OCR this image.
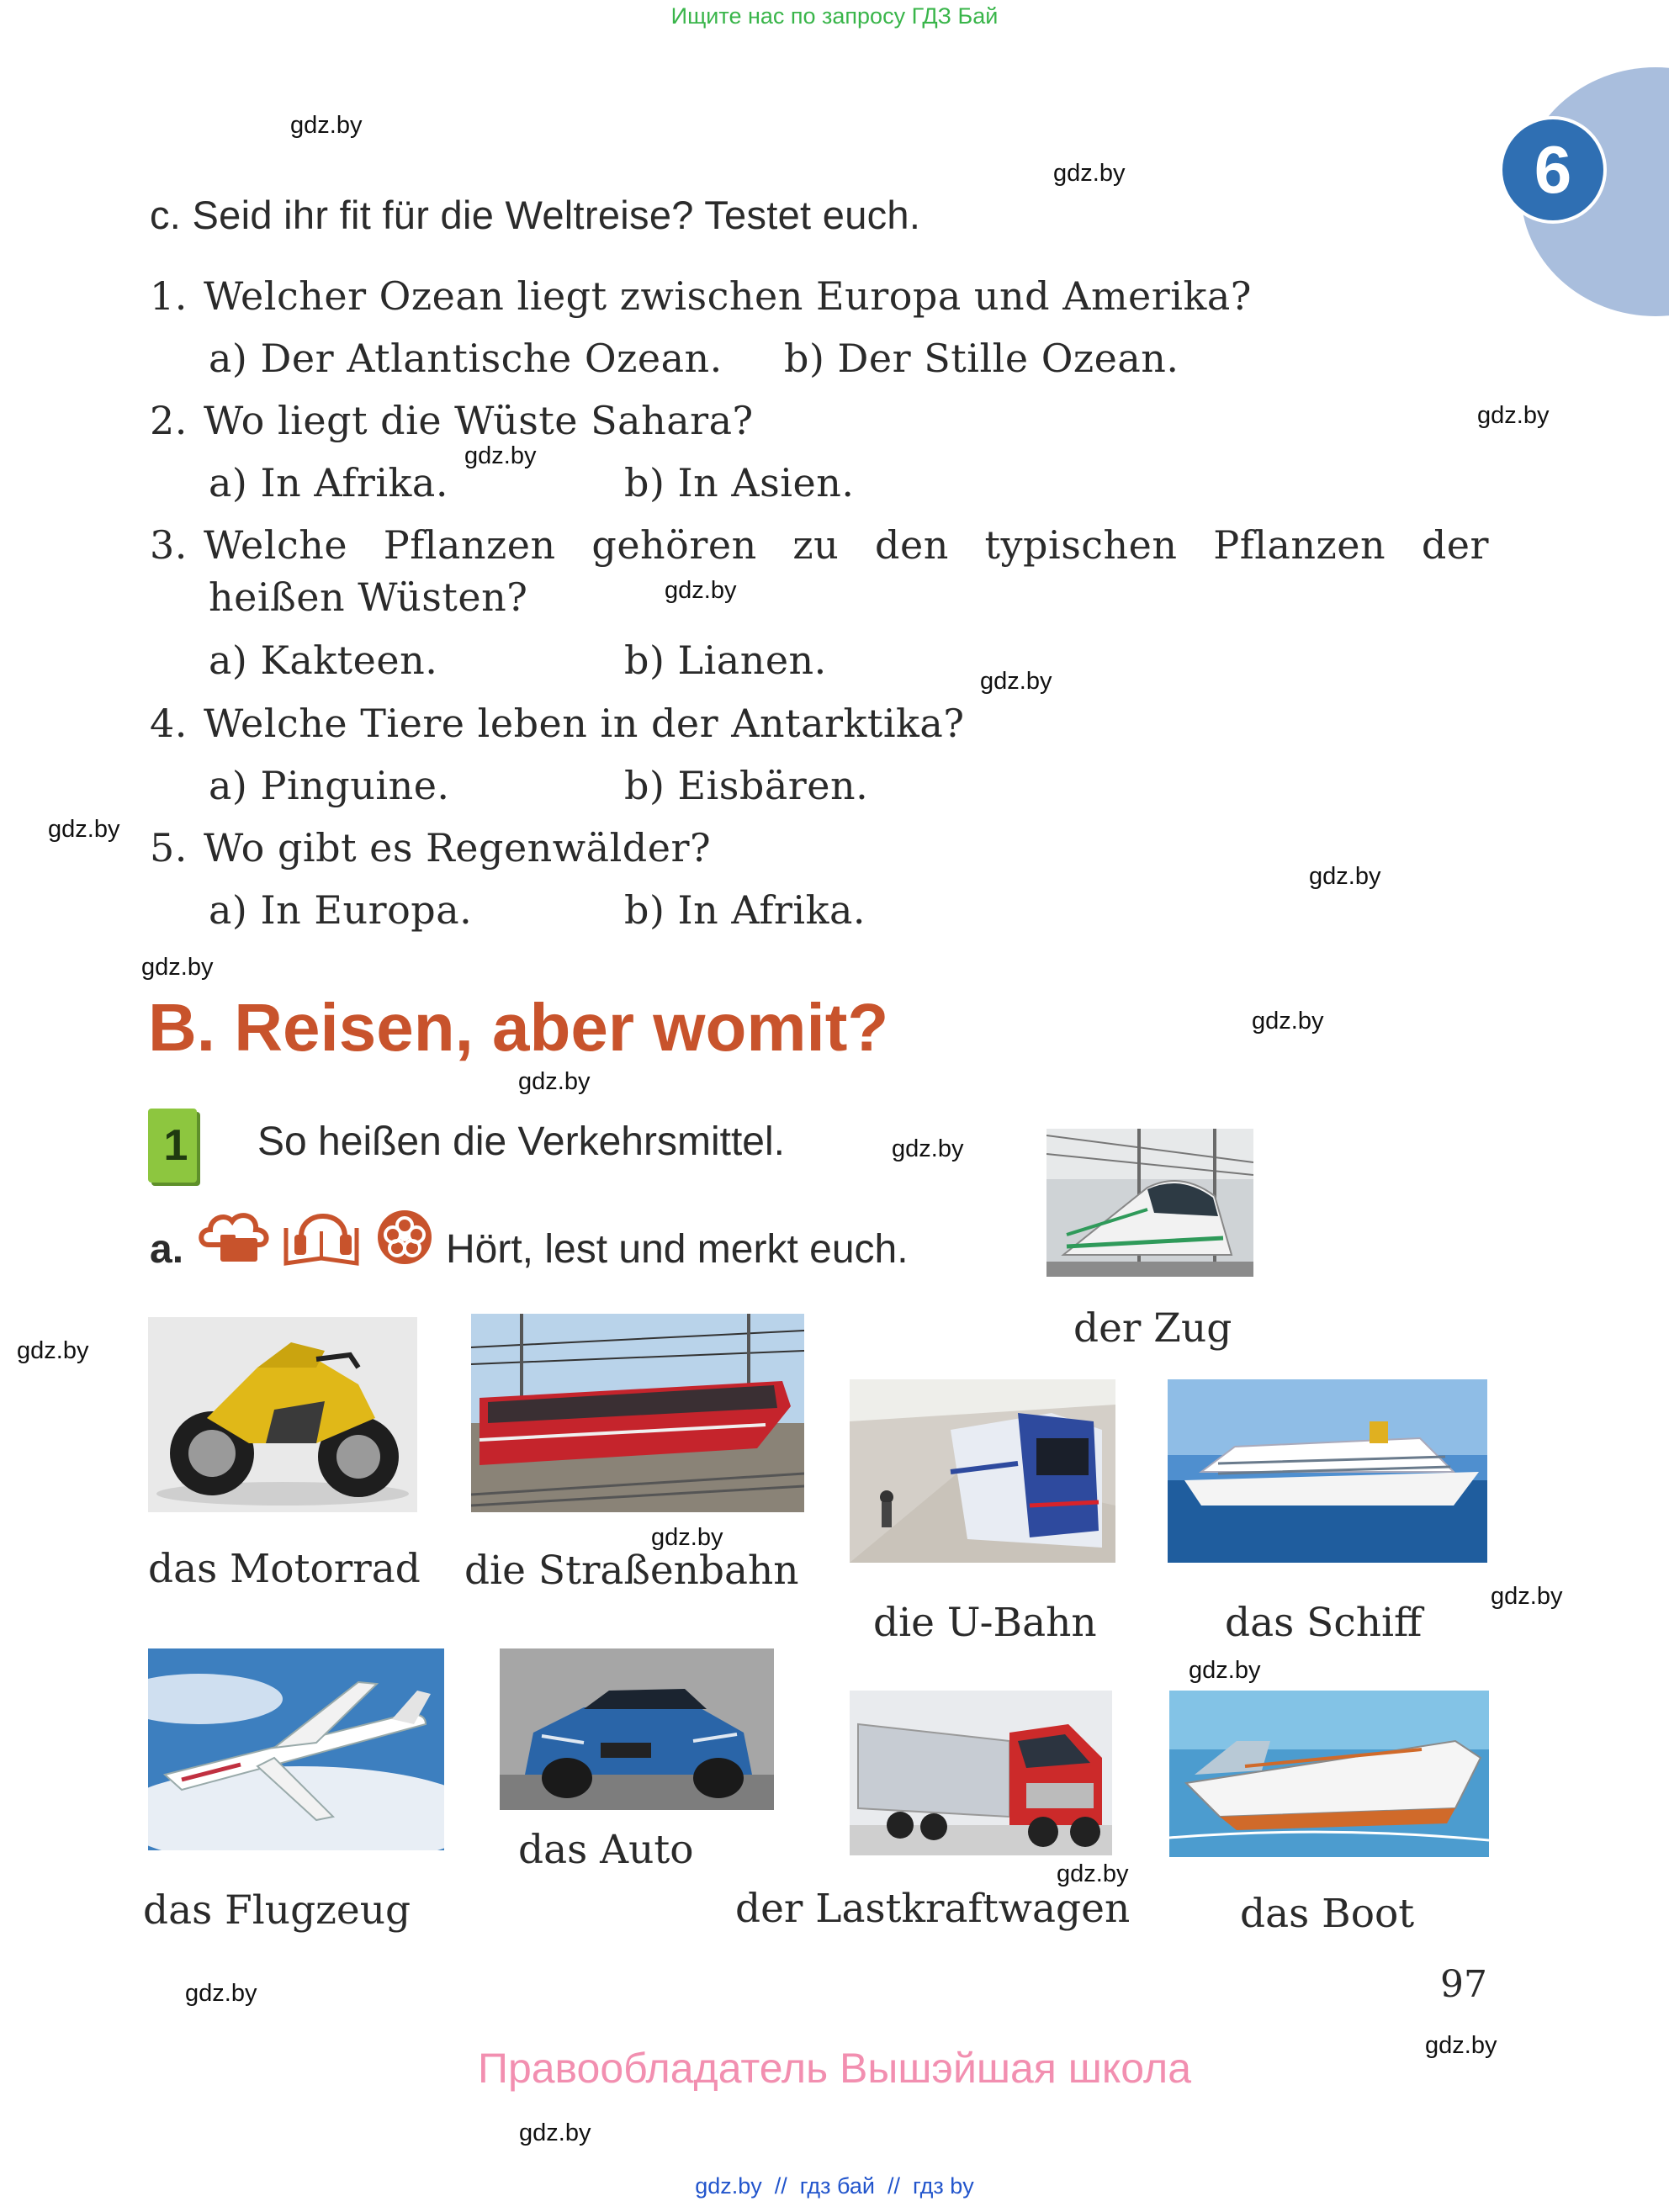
Ищите нас по запросу ГДЗ Бай
6
gdz.by
gdz.by
gdz.by
gdz.by
gdz.by
gdz.by
gdz.by
gdz.by
gdz.by
gdz.by
gdz.by
gdz.by
gdz.by
gdz.by
gdz.by
gdz.by
gdz.by
gdz.by
gdz.by
gdz.by
c. Seid ihr fit für die Weltreise? Testet euch.
1. Welcher Ozean liegt zwischen Europa und Amerika?
a) Der Atlantische Ozean. b) Der Stille Ozean.
2. Wo liegt die Wüste Sahara?
a) In Afrika.	b) In Asien.
3. Welche Pflanzen gehören zu den typischen Pflanzen der
heißen Wüsten?
a) Kakteen.	b) Lianen.
4. Welche Tiere leben in der Antarktika?
a) Pinguine.	b) Eisbären.
5. Wo gibt es Regenwälder?
a) In Europa.	b) In Afrika.
B. Reisen, aber womit?
1	So heißen die Verkehrsmittel.
a.	Hört, lest und merkt euch.
der Zug
das Motorrad die Straßenbahn
die U-Bahn	das Schiff
das Flugzeug
das Auto
der Lastkraftwagen	das Boot
97
Правообладатель Вышэйшая школа
gdz.by  //  гдз бай  //  гдз by
